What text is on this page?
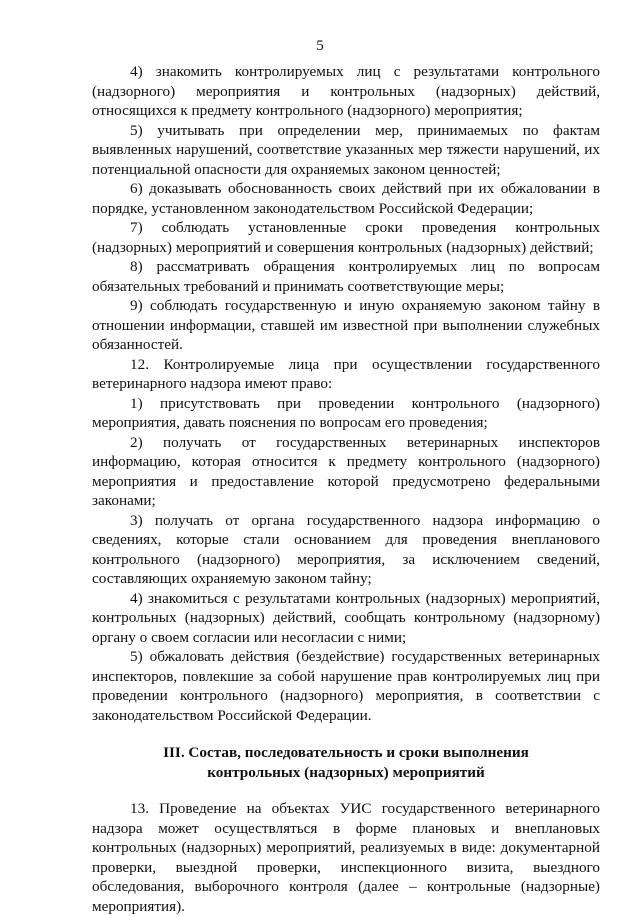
5

4) знакомить контролируемых лиц с результатами контрольного (надзорного) мероприятия и контрольных (надзорных) действий, относящихся к предмету контрольного (надзорного) мероприятия;

5) учитывать при определении мер, принимаемых по фактам выявленных нарушений, соответствие указанных мер тяжести нарушений, их потенциальной опасности для охраняемых законом ценностей;

6) доказывать обоснованность своих действий при их обжаловании в порядке, установленном законодательством Российской Федерации;

7) соблюдать установленные сроки проведения контрольных (надзорных) мероприятий и совершения контрольных (надзорных) действий;

8) рассматривать обращения контролируемых лиц по вопросам обязательных требований и принимать соответствующие меры;

9) соблюдать государственную и иную охраняемую законом тайну в отношении информации, ставшей им известной при выполнении служебных обязанностей.

12. Контролируемые лица при осуществлении государственного ветеринарного надзора имеют право:

1) присутствовать при проведении контрольного (надзорного) мероприятия, давать пояснения по вопросам его проведения;

2) получать от государственных ветеринарных инспекторов информацию, которая относится к предмету контрольного (надзорного) мероприятия и предоставление которой предусмотрено федеральными законами;

3) получать от органа государственного надзора информацию о сведениях, которые стали основанием для проведения внепланового контрольного (надзорного) мероприятия, за исключением сведений, составляющих охраняемую законом тайну;

4) знакомиться с результатами контрольных (надзорных) мероприятий, контрольных (надзорных) действий, сообщать контрольному (надзорному) органу о своем согласии или несогласии с ними;

5) обжаловать действия (бездействие) государственных ветеринарных инспекторов, повлекшие за собой нарушение прав контролируемых лиц при проведении контрольного (надзорного) мероприятия, в соответствии с законодательством Российской Федерации.

III. Состав, последовательность и сроки выполнения
контрольных (надзорных) мероприятий

13. Проведение на объектах УИС государственного ветеринарного надзора может осуществляться в форме плановых и внеплановых контрольных (надзорных) мероприятий, реализуемых в виде: документарной проверки, выездной проверки, инспекционного визита, выездного обследования, выборочного контроля (далее – контрольные (надзорные) мероприятия).
